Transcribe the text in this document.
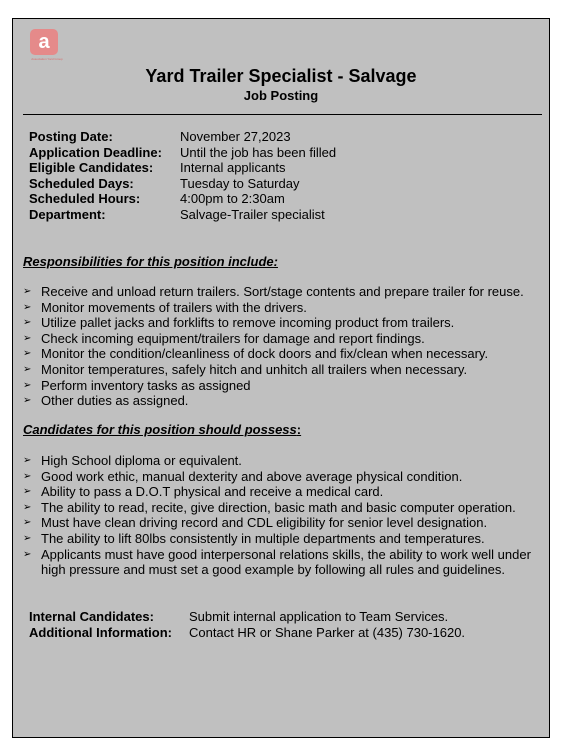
a
Association Yard Group
Yard Trailer Specialist - Salvage
Job Posting
Posting Date:	November 27,2023
Application Deadline:	Until the job has been filled
Eligible Candidates:	Internal applicants
Scheduled Days:	Tuesday to Saturday
Scheduled Hours:	4:00pm to 2:30am
Department:	Salvage-Trailer specialist
Responsibilities for this position include:
➢ Receive and unload return trailers. Sort/stage contents and prepare trailer for reuse.
➢ Monitor movements of trailers with the drivers.
➢ Utilize pallet jacks and forklifts to remove incoming product from trailers.
➢ Check incoming equipment/trailers for damage and report findings.
➢ Monitor the condition/cleanliness of dock doors and fix/clean when necessary.
➢ Monitor temperatures, safely hitch and unhitch all trailers when necessary.
➢ Perform inventory tasks as assigned
➢ Other duties as assigned.
Candidates for this position should possess:
➢ High School diploma or equivalent.
➢ Good work ethic, manual dexterity and above average physical condition.
➢ Ability to pass a D.O.T physical and receive a medical card.
➢ The ability to read, recite, give direction, basic math and basic computer operation.
➢ Must have clean driving record and CDL eligibility for senior level designation.
➢ The ability to lift 80lbs consistently in multiple departments and temperatures.
➢ Applicants must have good interpersonal relations skills, the ability to work well under high pressure and must set a good example by following all rules and guidelines.
Internal Candidates:	Submit internal application to Team Services.
Additional Information:	Contact HR or Shane Parker at (435) 730-1620.
